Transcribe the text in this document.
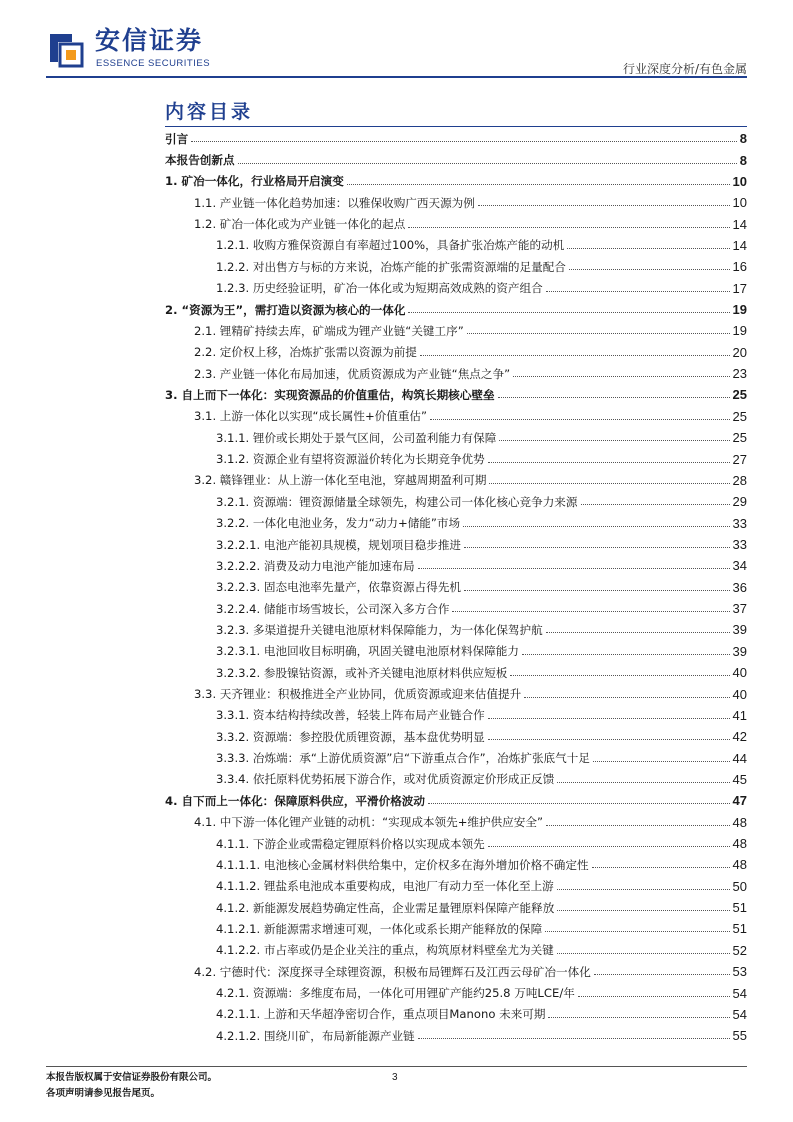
安信证券
ESSENCE SECURITIES	行业深度分析/有色金属
内容目录
引言	8
本报告创新点	8
1. 矿冶一体化，行业格局开启演变	10
1.1. 产业链一体化趋势加速：以雅保收购广西天源为例	10
1.2. 矿冶一体化或为产业链一体化的起点	14
1.2.1. 收购方雅保资源自有率超过100%，具备扩张冶炼产能的动机	14
1.2.2. 对出售方与标的方来说，冶炼产能的扩张需资源端的足量配合	16
1.2.3. 历史经验证明，矿冶一体化或为短期高效成熟的资产组合	17
2. “资源为王”，需打造以资源为核心的一体化	19
2.1. 锂精矿持续去库，矿端成为锂产业链“关键工序”	19
2.2. 定价权上移，冶炼扩张需以资源为前提	20
2.3. 产业链一体化布局加速，优质资源成为产业链“焦点之争”	23
3. 自上而下一体化：实现资源品的价值重估，构筑长期核心壁垒	25
3.1. 上游一体化以实现“成长属性+价值重估”	25
3.1.1. 锂价或长期处于景气区间，公司盈利能力有保障	25
3.1.2. 资源企业有望将资源溢价转化为长期竞争优势	27
3.2. 赣锋锂业：从上游一体化至电池，穿越周期盈利可期	28
3.2.1. 资源端：锂资源储量全球领先，构建公司一体化核心竞争力来源	29
3.2.2. 一体化电池业务，发力“动力+储能”市场	33
3.2.2.1. 电池产能初具规模，规划项目稳步推进	33
3.2.2.2. 消费及动力电池产能加速布局	34
3.2.2.3. 固态电池率先量产，依靠资源占得先机	36
3.2.2.4. 储能市场雪坡长，公司深入多方合作	37
3.2.3. 多渠道提升关键电池原材料保障能力，为一体化保驾护航	39
3.2.3.1. 电池回收目标明确，巩固关键电池原材料保障能力	39
3.2.3.2. 参股镍钴资源，或补齐关键电池原材料供应短板	40
3.3. 天齐锂业：积极推进全产业协同，优质资源或迎来估值提升	40
3.3.1. 资本结构持续改善，轻装上阵布局产业链合作	41
3.3.2. 资源端：参控股优质锂资源，基本盘优势明显	42
3.3.3. 冶炼端：承“上游优质资源”启“下游重点合作”，冶炼扩张底气十足	44
3.3.4. 依托原料优势拓展下游合作，或对优质资源定价形成正反馈	45
4. 自下而上一体化：保障原料供应，平滑价格波动	47
4.1. 中下游一体化锂产业链的动机：“实现成本领先+维护供应安全”	48
4.1.1. 下游企业或需稳定锂原料价格以实现成本领先	48
4.1.1.1. 电池核心金属材料供给集中，定价权多在海外增加价格不确定性	48
4.1.1.2. 锂盐系电池成本重要构成，电池厂有动力至一体化至上游	50
4.1.2. 新能源发展趋势确定性高，企业需足量锂原料保障产能释放	51
4.1.2.1. 新能源需求增速可观，一体化或系长期产能释放的保障	51
4.1.2.2. 市占率或仍是企业关注的重点，构筑原材料壁垒尤为关键	52
4.2. 宁德时代：深度探寻全球锂资源，积极布局锂辉石及江西云母矿冶一体化	53
4.2.1. 资源端：多维度布局，一体化可用锂矿产能约25.8 万吨LCE/年	54
4.2.1.1. 上游和天华超净密切合作，重点项目Manono 未来可期	54
4.2.1.2. 围绕川矿，布局新能源产业链	55
本报告版权属于安信证券股份有限公司。
各项声明请参见报告尾页。
3
